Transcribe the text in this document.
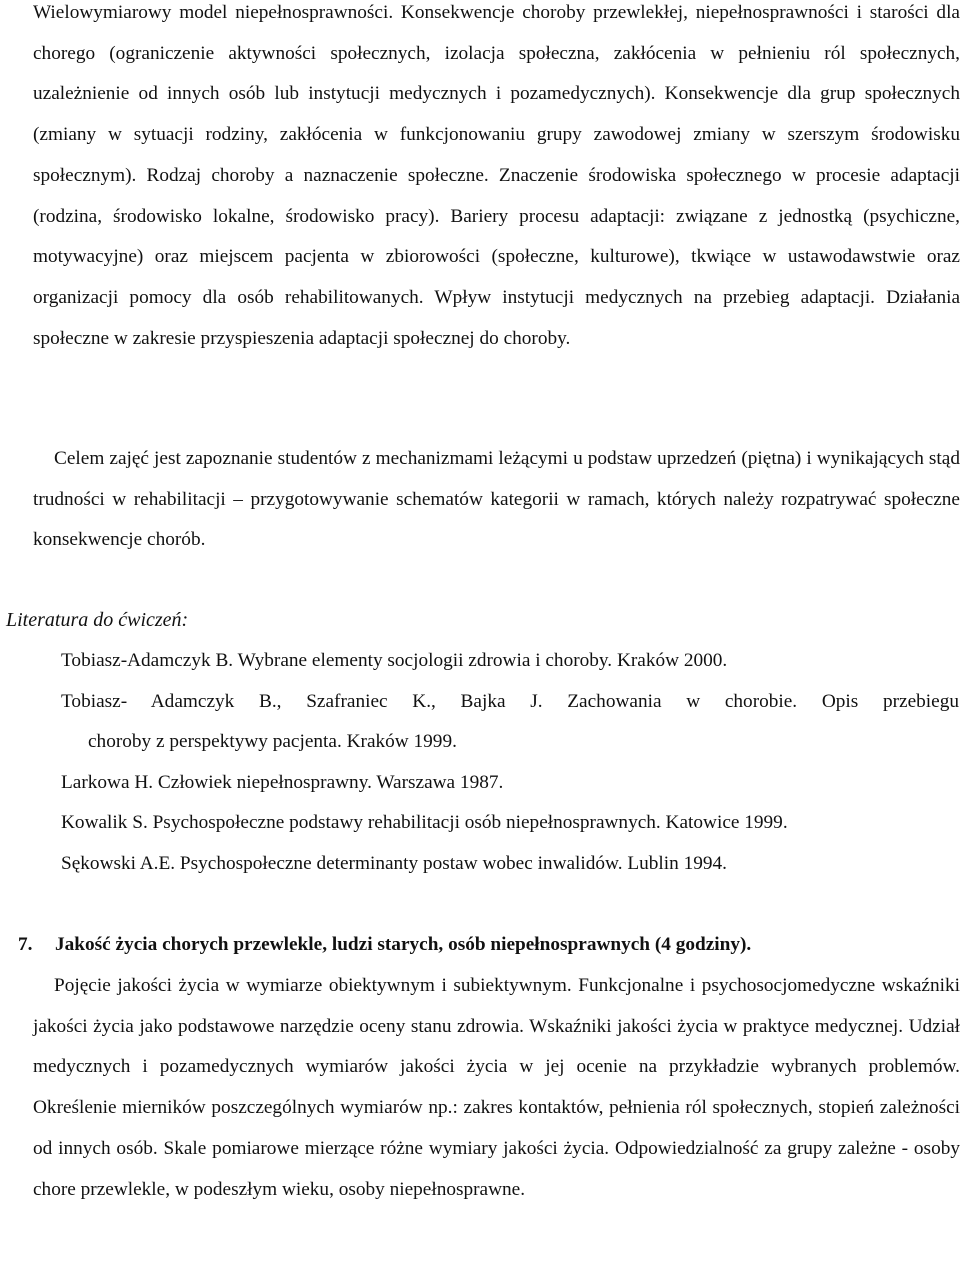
Wielowymiarowy model niepełnosprawności. Konsekwencje choroby przewlekłej, niepełnosprawności i starości dla chorego (ograniczenie aktywności społecznych, izolacja społeczna, zakłócenia w pełnieniu ról społecznych, uzależnienie od innych osób lub instytucji medycznych i pozamedycznych). Konsekwencje dla grup społecznych (zmiany w sytuacji rodziny, zakłócenia w funkcjonowaniu grupy zawodowej zmiany w szerszym środowisku społecznym). Rodzaj choroby a naznaczenie społeczne. Znaczenie środowiska społecznego w procesie adaptacji (rodzina, środowisko lokalne, środowisko pracy). Bariery procesu adaptacji: związane z jednostką (psychiczne, motywacyjne) oraz miejscem pacjenta w zbiorowości (społeczne, kulturowe), tkwiące w ustawodawstwie oraz organizacji pomocy dla osób rehabilitowanych. Wpływ instytucji medycznych na przebieg adaptacji. Działania społeczne w zakresie przyspieszenia adaptacji społecznej do choroby.

Celem zajęć jest zapoznanie studentów z mechanizmami leżącymi u podstaw uprzedzeń (piętna) i wynikających stąd trudności w rehabilitacji – przygotowywanie schematów kategorii w ramach, których należy rozpatrywać społeczne konsekwencje chorób.

Literatura do ćwiczeń:

Tobiasz-Adamczyk B. Wybrane elementy socjologii zdrowia i choroby. Kraków 2000.

Tobiasz- Adamczyk B., Szafraniec K., Bajka J. Zachowania w chorobie. Opis przebiegu

choroby z perspektywy pacjenta. Kraków 1999.

Larkowa H. Człowiek niepełnosprawny. Warszawa 1987.

Kowalik S. Psychospołeczne podstawy rehabilitacji osób niepełnosprawnych. Katowice 1999.

Sękowski A.E. Psychospołeczne determinanty postaw wobec inwalidów. Lublin 1994.

7. Jakość życia chorych przewlekle, ludzi starych, osób niepełnosprawnych (4 godziny).

Pojęcie jakości życia w wymiarze obiektywnym i subiektywnym. Funkcjonalne i psychosocjomedyczne wskaźniki jakości życia jako podstawowe narzędzie oceny stanu zdrowia. Wskaźniki jakości życia w praktyce medycznej. Udział medycznych i pozamedycznych wymiarów jakości życia w jej ocenie na przykładzie wybranych problemów. Określenie mierników poszczególnych wymiarów np.: zakres kontaktów, pełnienia ról społecznych, stopień zależności od innych osób. Skale pomiarowe mierzące różne wymiary jakości życia. Odpowiedzialność za grupy zależne - osoby chore przewlekle, w podeszłym wieku, osoby niepełnosprawne.
